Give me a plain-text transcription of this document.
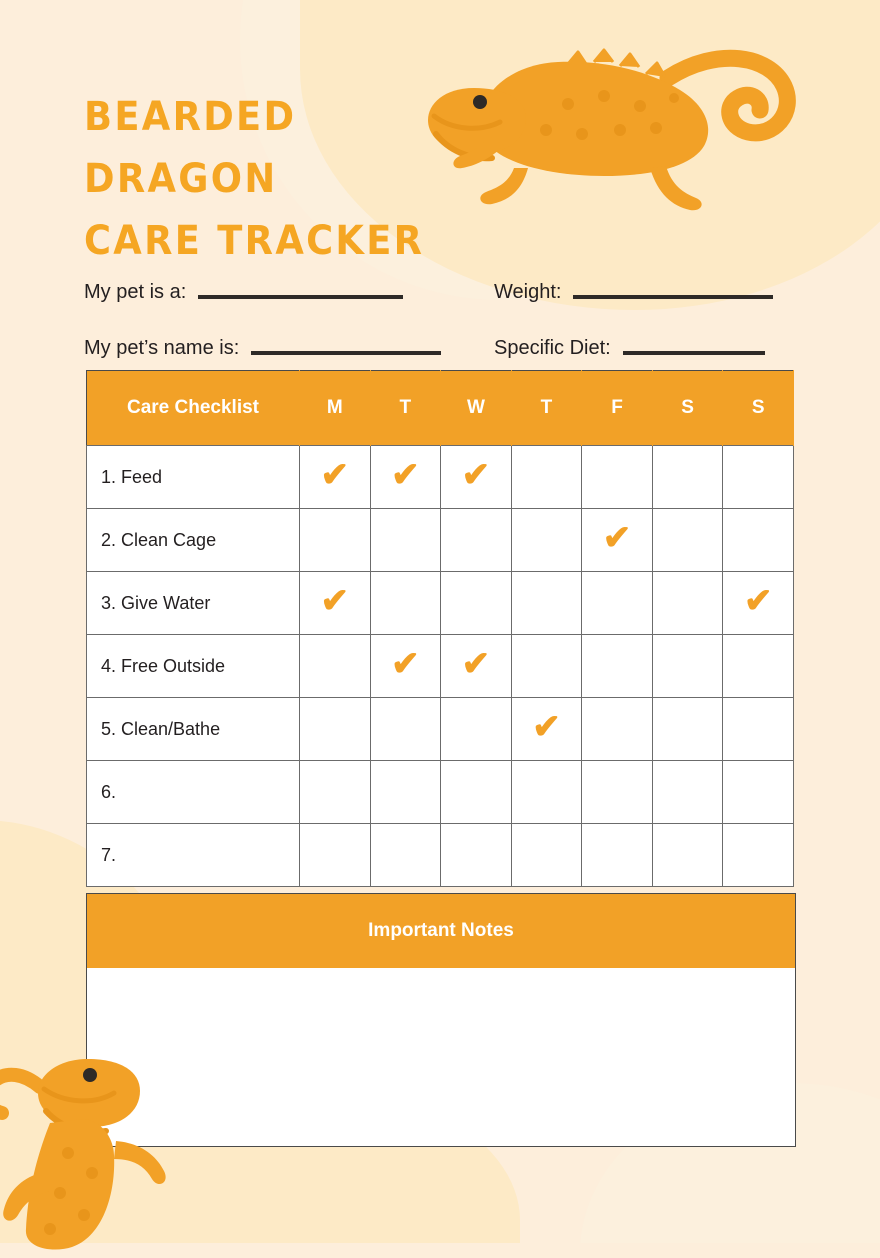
BEARDED DRAGON
CARE TRACKER
My pet is a:	Weight:
My pet’s name is:	Specific Diet:
Care Checklist	M	T	W	T	F	S	S
1. Feed	✔	✔	✔				
2. Clean Cage					✔		
3. Give Water	✔						✔
4. Free Outside		✔	✔				
5. Clean/Bathe				✔			
6.							
7.							
Important Notes
